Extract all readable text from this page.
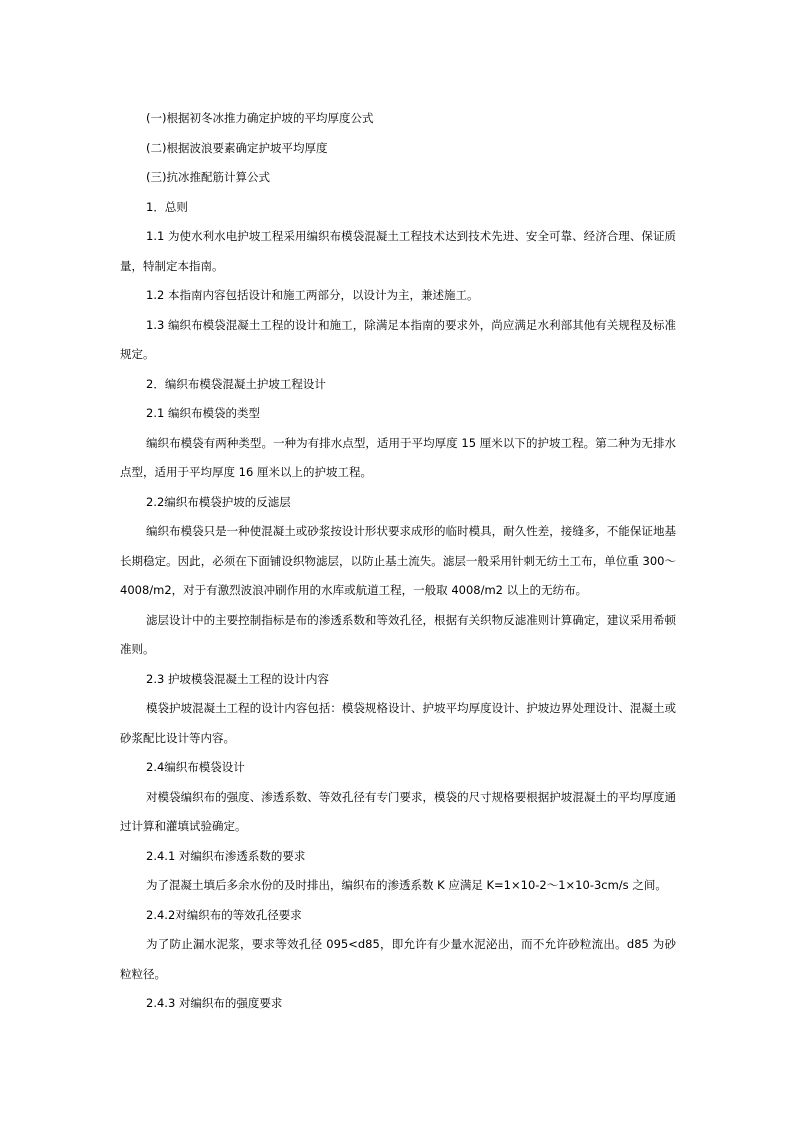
(一)根据初冬冰推力确定护坡的平均厚度公式

(二)根据波浪要素确定护坡平均厚度

(三)抗冰推配筋计算公式

1．总则

1.1 为使水利水电护坡工程采用编织布模袋混凝土工程技术达到技术先进、安全可靠、经济合理、保证质量，特制定本指南。

1.2 本指南内容包括设计和施工两部分，以设计为主，兼述施工。

1.3 编织布模袋混凝土工程的设计和施工，除满足本指南的要求外，尚应满足水利部其他有关规程及标准规定。

2．编织布模袋混凝土护坡工程设计

2.1 编织布模袋的类型

编织布模袋有两种类型。一种为有排水点型，适用于平均厚度 15 厘米以下的护坡工程。第二种为无排水点型，适用于平均厚度 16 厘米以上的护坡工程。

2.2编织布模袋护坡的反滤层

编织布模袋只是一种使混凝土或砂浆按设计形状要求成形的临时模具，耐久性差，接缝多，不能保证地基长期稳定。因此，必须在下面铺设织物滤层，以防止基土流失。滤层一般采用针刺无纺土工布，单位重 300～4008/m2，对于有激烈波浪冲刷作用的水库或航道工程，一般取 4008/m2 以上的无纺布。

滤层设计中的主要控制指标是布的渗透系数和等效孔径，根据有关织物反滤准则计算确定，建议采用希顿准则。

2.3 护坡模袋混凝土工程的设计内容

模袋护坡混凝土工程的设计内容包括：模袋规格设计、护坡平均厚度设计、护坡边界处理设计、混凝土或砂浆配比设计等内容。

2.4编织布模袋设计

对模袋编织布的强度、渗透系数、等效孔径有专门要求，模袋的尺寸规格要根据护坡混凝土的平均厚度通过计算和灌填试验确定。

2.4.1 对编织布渗透系数的要求

为了混凝土填后多余水份的及时排出，编织布的渗透系数 K 应满足 K=1×10-2～1×10-3cm/s 之间。

2.4.2对编织布的等效孔径要求

为了防止漏水泥浆，要求等效孔径 095<d85，即允许有少量水泥泌出，而不允许砂粒流出。d85 为砂粒粒径。

2.4.3 对编织布的强度要求
